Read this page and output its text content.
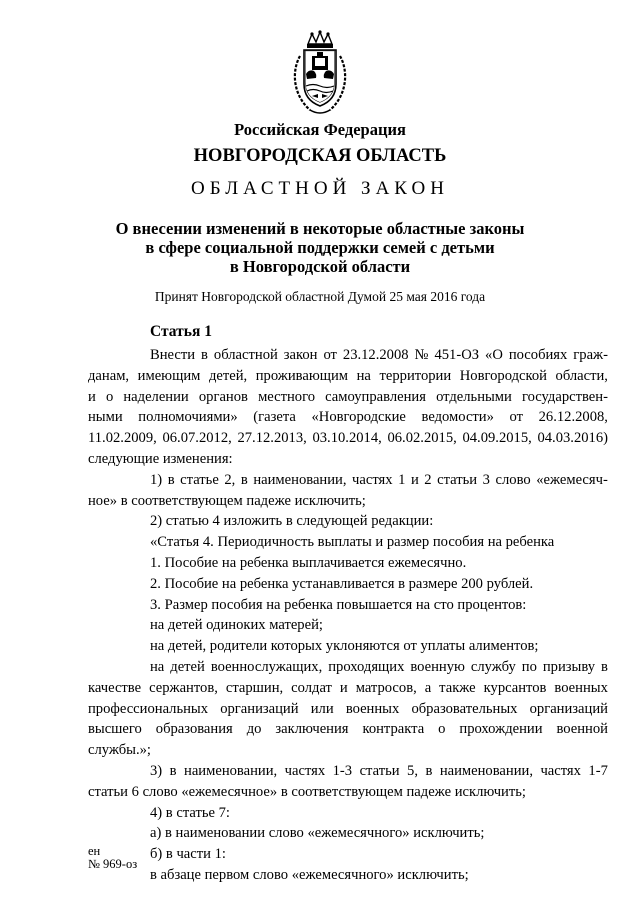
Российская Федерация
НОВГОРОДСКАЯ ОБЛАСТЬ
ОБЛАСТНОЙ ЗАКОН
О внесении изменений в некоторые областные законы
в сфере социальной поддержки семей с детьми
в Новгородской области
Принят Новгородской областной Думой 25 мая 2016 года
Статья 1
Внести в областной закон от 23.12.2008 № 451-ОЗ «О пособиях граж-
данам, имеющим детей, проживающим на территории Новгородской области,
и о наделении органов местного самоуправления отдельными государствен-
ными полномочиями» (газета «Новгородские ведомости» от 26.12.2008,
11.02.2009, 06.07.2012, 27.12.2013, 03.10.2014, 06.02.2015, 04.09.2015, 04.03.2016)
следующие изменения:
1) в статье 2, в наименовании, частях 1 и 2 статьи 3 слово «ежемесяч-
ное» в соответствующем падеже исключить;
2) статью 4 изложить в следующей редакции:
«Статья 4. Периодичность выплаты и размер пособия на ребенка
1. Пособие на ребенка выплачивается ежемесячно.
2. Пособие на ребенка устанавливается в размере 200 рублей.
3. Размер пособия на ребенка повышается на сто процентов:
на детей одиноких матерей;
на детей, родители которых уклоняются от уплаты алиментов;
на детей военнослужащих, проходящих военную службу по призыву в
качестве сержантов, старшин, солдат и матросов, а также курсантов военных
профессиональных организаций или военных образовательных организаций
высшего образования до заключения контракта о прохождении военной
службы.»;
3) в наименовании, частях 1-3 статьи 5, в наименовании, частях 1-7
статьи 6 слово «ежемесячное» в соответствующем падеже исключить;
4) в статье 7:
а) в наименовании слово «ежемесячного» исключить;
б) в части 1:
в абзаце первом слово «ежемесячного» исключить;
ен
№ 969-оз
